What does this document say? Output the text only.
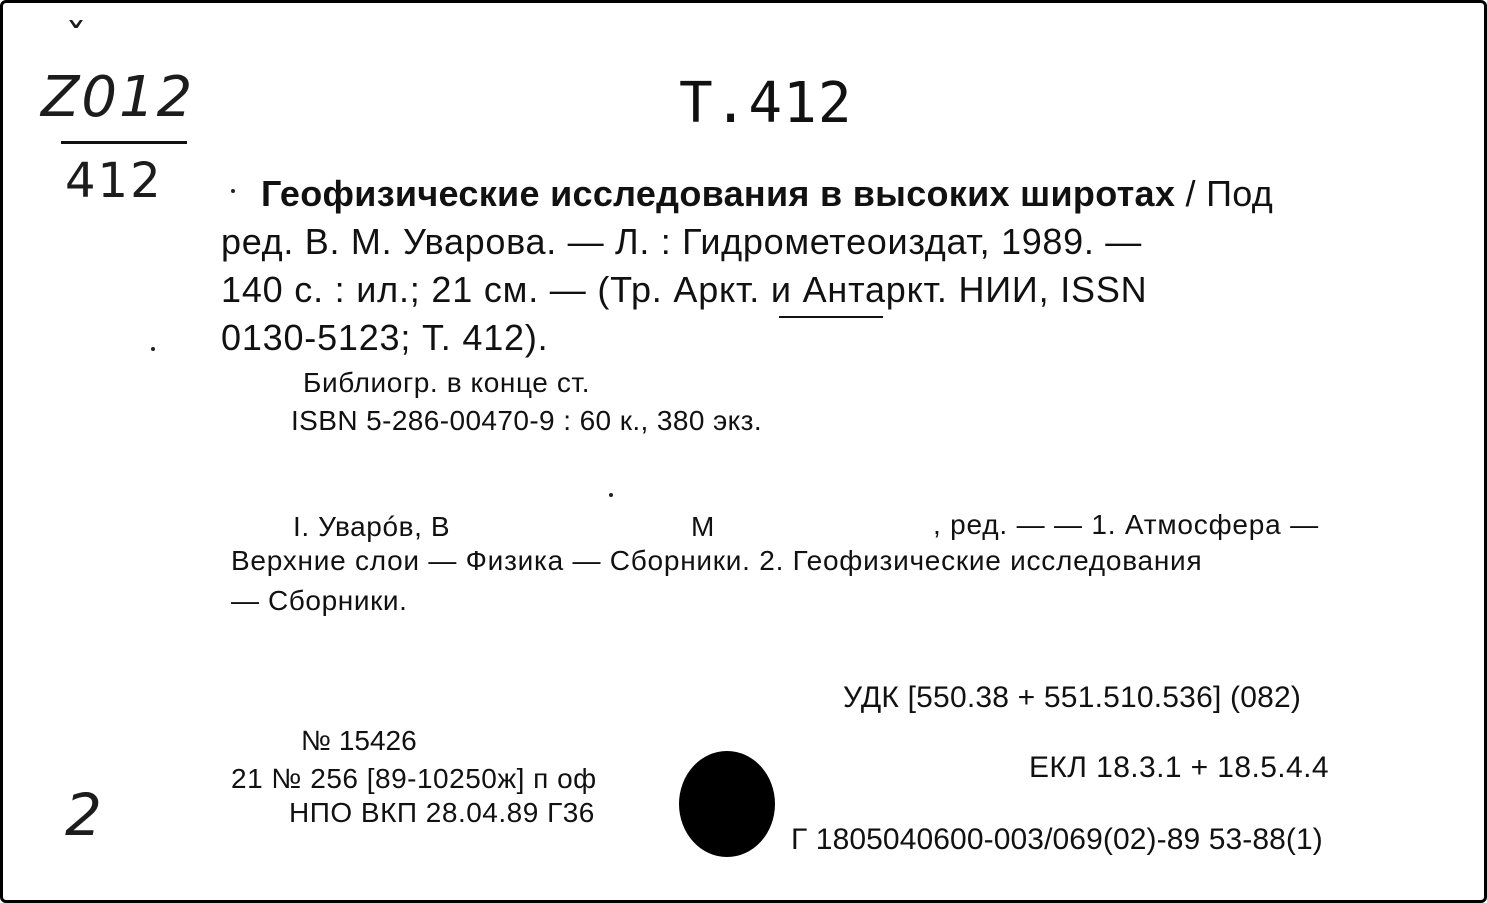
ˇ
Z012
412
Т.412
Геофизические исследования в высоких широтах / Под
ред. В. М. Уварова. — Л. : Гидрометеоиздат, 1989. —
140 с. : ил.; 21 см. — (Тр. Аркт. и Антаркт. НИИ, ISSN
0130-5123; Т. 412).
Библиогр. в конце ст.
ISBN 5-286-00470-9 : 60 к., 380 экз.
I. Уварóв, В	М	, ред. — — 1. Атмосфера —
Верхние слои — Физика — Сборники. 2. Геофизические исследования
— Сборники.
УДК [550.38 + 551.510.536] (082)
№ 15426
21 № 256 [89-10250ж] п оф
НПО ВКП 28.04.89 Г36
ЕКЛ 18.3.1 + 18.5.4.4
Г 1805040600-003/069(02)-89 53-88(1)
2
